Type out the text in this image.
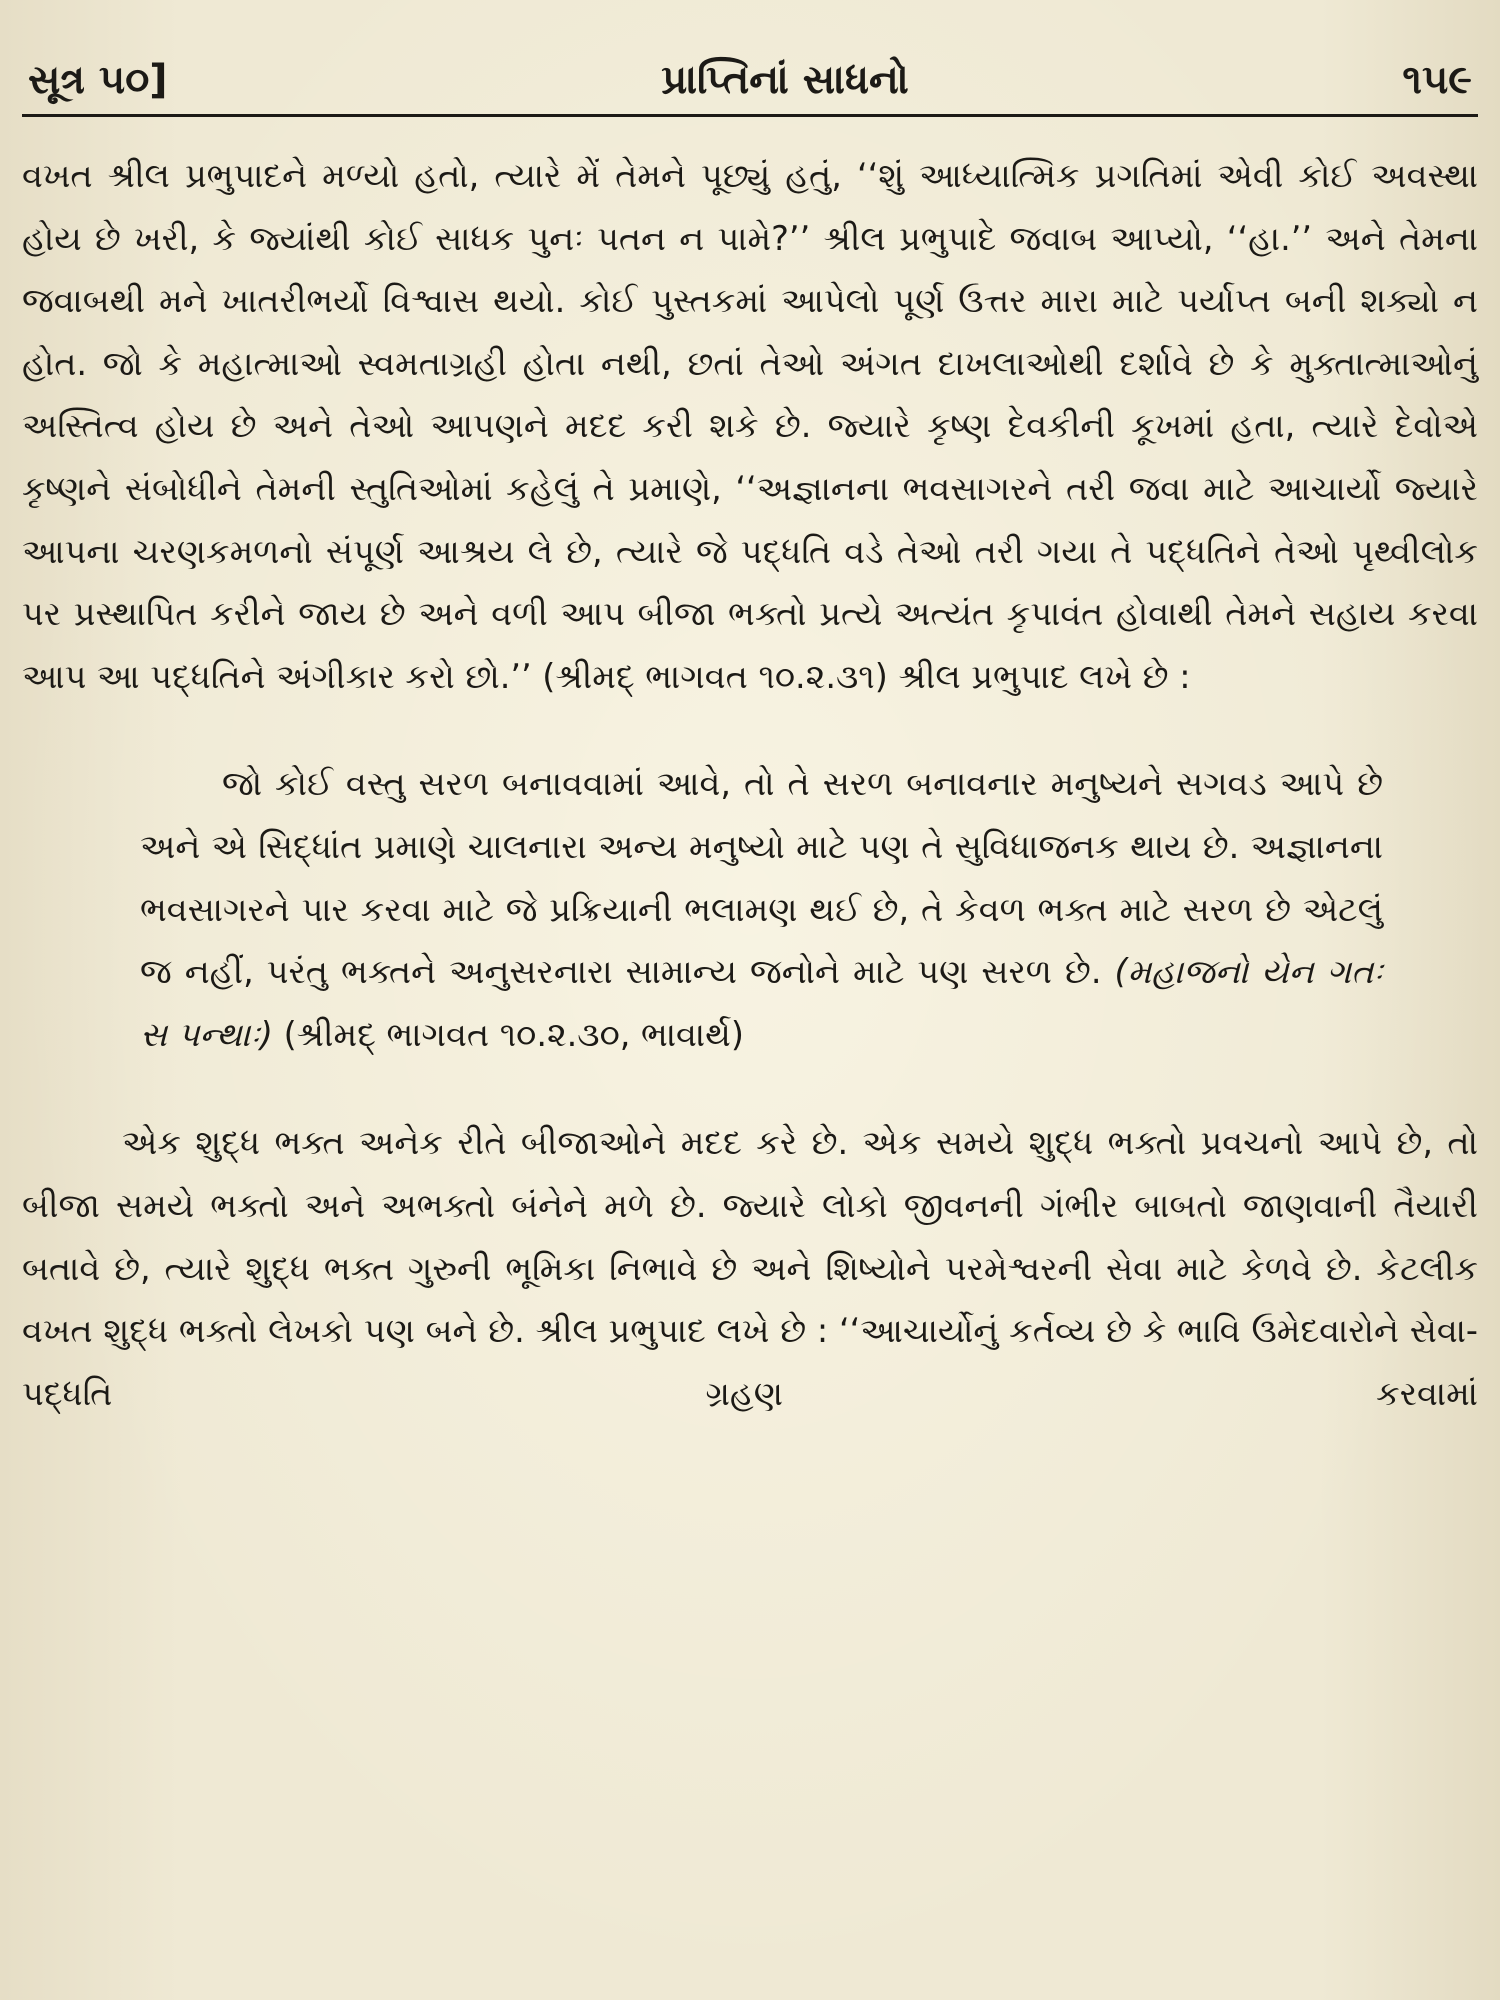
સૂત્ર ૫૦]	પ્રાપ્તિનાં સાધનો	૧૫૯

વખત શ્રીલ પ્રભુપાદને મળ્યો હતો, ત્યારે મેં તેમને પૂછ્યું હતું, ‘‘શું આધ્યાત્મિક પ્રગતિમાં એવી કોઈ અવસ્થા હોય છે ખરી, કે જ્યાંથી કોઈ સાધક પુનઃ પતન ન પામે?’’ શ્રીલ પ્રભુપાદે જવાબ આપ્યો, ‘‘હા.’’ અને તેમના જવાબથી મને ખાતરીભર્યો વિશ્વાસ થયો. કોઈ પુસ્તકમાં આપેલો પૂર્ણ ઉત્તર મારા માટે પર્યાપ્ત બની શક્યો ન હોત. જો કે મહાત્માઓ સ્વમતાગ્રહી હોતા નથી, છતાં તેઓ અંગત દાખલાઓથી દર્શાવે છે કે મુક્તાત્માઓનું અસ્તિત્વ હોય છે અને તેઓ આપણને મદદ કરી શકે છે. જ્યારે કૃષ્ણ દેવકીની કૂખમાં હતા, ત્યારે દેવોએ કૃષ્ણને સંબોધીને તેમની સ્તુતિઓમાં કહેલું તે પ્રમાણે, ‘‘અજ્ઞાનના ભવસાગરને તરી જવા માટે આચાર્યો જ્યારે આપના ચરણકમળનો સંપૂર્ણ આશ્રય લે છે, ત્યારે જે પદ્ધતિ વડે તેઓ તરી ગયા તે પદ્ધતિને તેઓ પૃથ્વીલોક પર પ્રસ્થાપિત કરીને જાય છે અને વળી આપ બીજા ભક્તો પ્રત્યે અત્યંત કૃપાવંત હોવાથી તેમને સહાય કરવા આપ આ પદ્ધતિને અંગીકાર કરો છો.’’ (શ્રીમદ્‌ ભાગવત ૧૦.૨.૩૧) શ્રીલ પ્રભુપાદ લખે છે :

જો કોઈ વસ્તુ સરળ બનાવવામાં આવે, તો તે સરળ બનાવનાર મનુષ્યને સગવડ આપે છે અને એ સિદ્ધાંત પ્રમાણે ચાલનારા અન્ય મનુષ્યો માટે પણ તે સુવિધાજનક થાય છે. અજ્ઞાનના ભવસાગરને પાર કરવા માટે જે પ્રક્રિયાની ભલામણ થઈ છે, તે કેવળ ભક્ત માટે સરળ છે એટલું જ નહીં, પરંતુ ભક્તને અનુસરનારા સામાન્ય જનોને માટે પણ સરળ છે. (મહાજનો યેન ગતઃ સ પન્થાઃ) (શ્રીમદ્‌ ભાગવત ૧૦.૨.૩૦, ભાવાર્થ)

એક શુદ્ધ ભક્ત અનેક રીતે બીજાઓને મદદ કરે છે. એક સમયે શુદ્ધ ભક્તો પ્રવચનો આપે છે, તો બીજા સમયે ભક્તો અને અભક્તો બંનેને મળે છે. જ્યારે લોકો જીવનની ગંભીર બાબતો જાણવાની તૈયારી બતાવે છે, ત્યારે શુદ્ધ ભક્ત ગુરુની ભૂમિકા નિભાવે છે અને શિષ્યોને પરમેશ્વરની સેવા માટે કેળવે છે. કેટલીક વખત શુદ્ધ ભક્તો લેખકો પણ બને છે. શ્રીલ પ્રભુપાદ લખે છે : ‘‘આચાર્યોનું કર્તવ્ય છે કે ભાવિ ઉમેદવારોને સેવા-પદ્ધતિ ગ્રહણ કરવામાં
